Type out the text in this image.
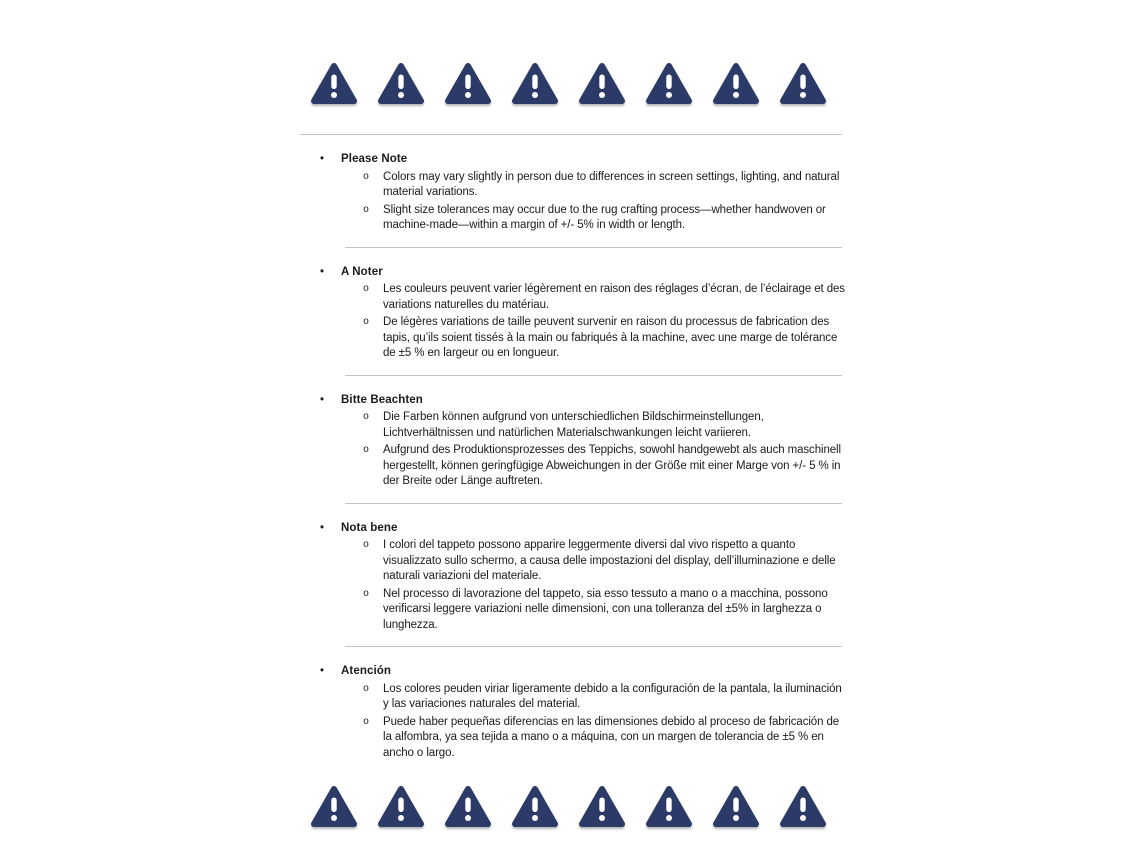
•	Please Note
o	Colors may vary slightly in person due to differences in screen settings, lighting, and natural material variations.

o	Slight size tolerances may occur due to the rug crafting process—whether handwoven or machine-made—within a margin of +/- 5% in width or length.

•	A Noter
o	Les couleurs peuvent varier légèrement en raison des réglages d’écran, de l’éclairage et des variations naturelles du matériau.

o	De légères variations de taille peuvent survenir en raison du processus de fabrication des tapis, qu’ils soient tissés à la main ou fabriqués à la machine, avec une marge de tolérance de ±5 % en largeur ou en longueur.

•	Bitte Beachten
o	Die Farben können aufgrund von unterschiedlichen Bildschirmeinstellungen, Lichtverhältnissen und natürlichen Materialschwankungen leicht variieren.

o	Aufgrund des Produktionsprozesses des Teppichs, sowohl handgewebt als auch maschinell hergestellt, können geringfügige Abweichungen in der Größe mit einer Marge von +/- 5 % in der Breite oder Länge auftreten.

•	Nota bene
o	I colori del tappeto possono apparire leggermente diversi dal vivo rispetto a quanto visualizzato sullo schermo, a causa delle impostazioni del display, dell’illuminazione e delle naturali variazioni del materiale.

o	Nel processo di lavorazione del tappeto, sia esso tessuto a mano o a macchina, possono verificarsi leggere variazioni nelle dimensioni, con una tolleranza del ±5% in larghezza o lunghezza.

•	Atención
o	Los colores peuden viriar ligeramente debido a la configuración de la pantala, la iluminación y las variaciones naturales del material.

o	Puede haber pequeñas diferencias en las dimensiones debido al proceso de fabricación de la alfombra, ya sea tejida a mano o a máquina, con un margen de tolerancia de ±5 % en ancho o largo.
